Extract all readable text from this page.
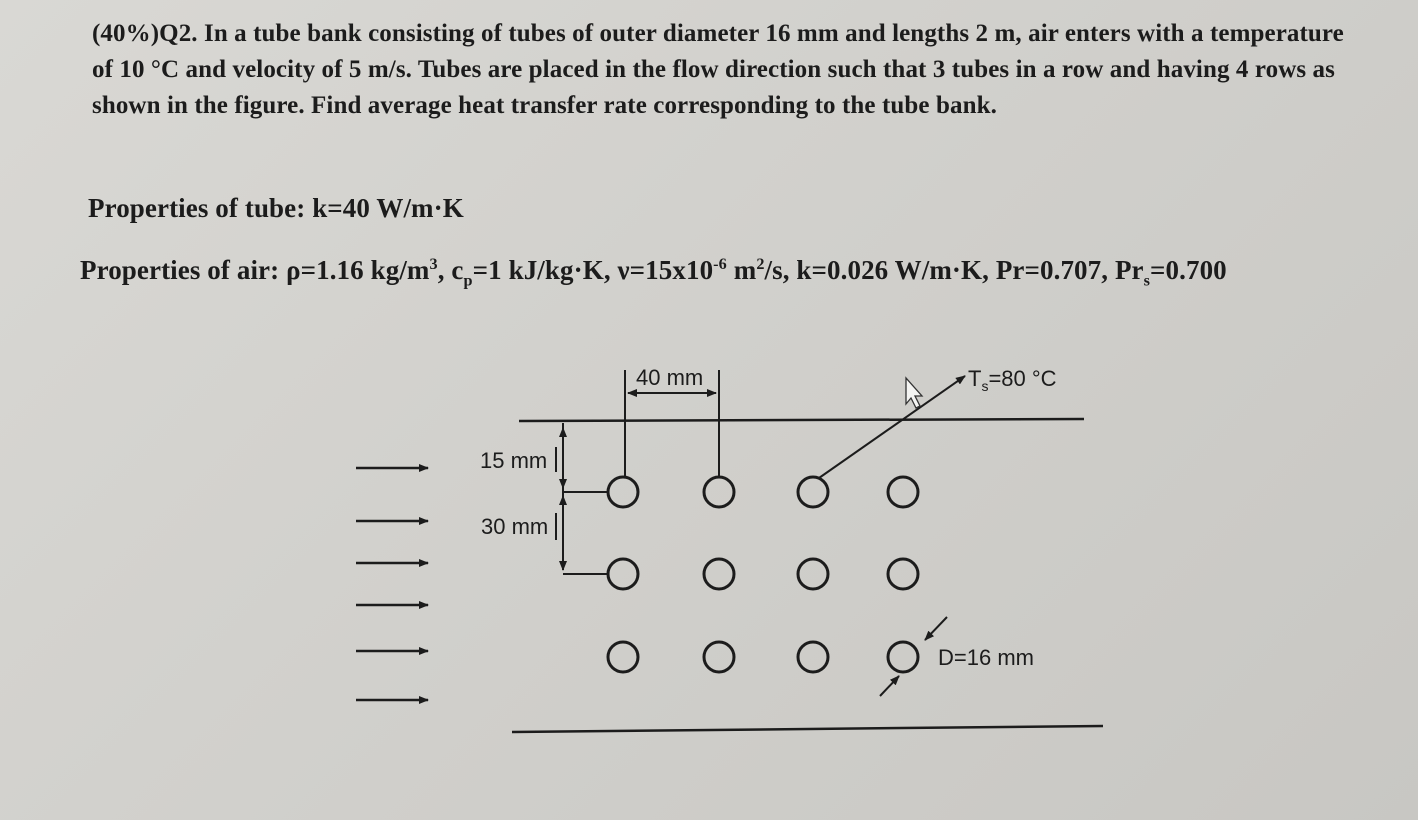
(40%)Q2. In a tube bank consisting of tubes of outer diameter 16 mm and lengths 2 m, air enters with a temperature of 10 °C and velocity of 5 m/s. Tubes are placed in the flow direction such that 3 tubes in a row and having 4 rows as shown in the figure. Find average heat transfer rate corresponding to the tube bank.

Properties of tube: k=40 W/m·K
Properties of air: ρ=1.16 $kg/m^3$, $c_p=1$ kJ/kg·K, $\nu=15x10^{-6}$ $m^2/s$, k=0.026 W/m·K, Pr=0.707, $Pr_s=0.700$
40 mm
15 mm
30 mm
$T_s=80$ °C
D=16 mm
